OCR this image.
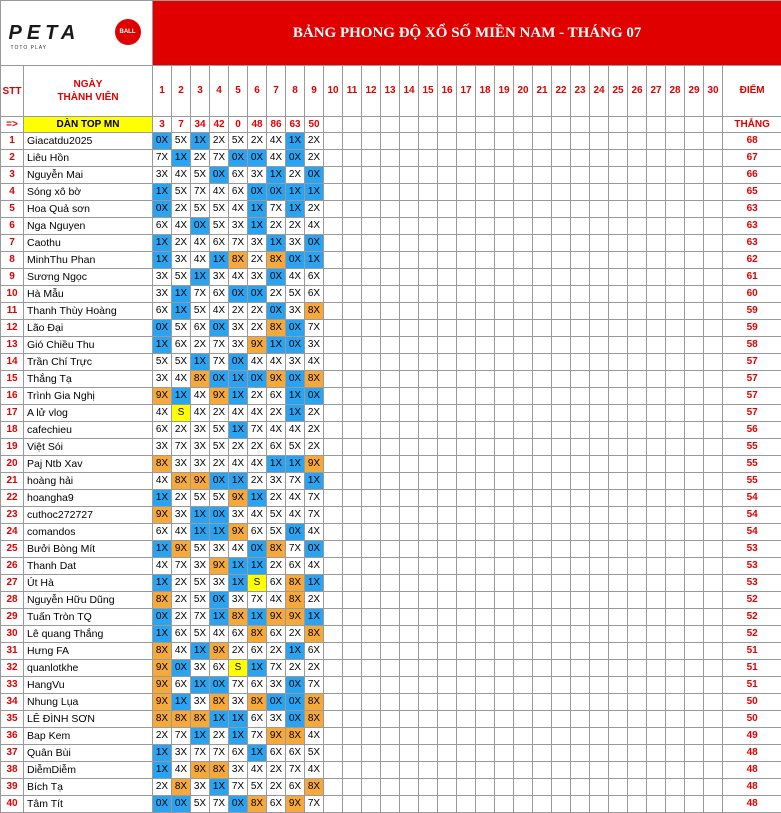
PETA BALL
TOTO PLAY		BẢNG PHONG ĐỘ XỔ SỐ MIỀN NAM - THÁNG 07																														
STT	NGÀY
THÀNH VIÊN	1	2	3	4	5	6	7	8	9	10	11	12	13	14	15	16	17	18	19	20	21	22	23	24	25	26	27	28	29	30	ĐIỂM
=>	DÀN TOP MN	3	7	34	42	0	48	86	63	50																						THẮNG
1	Giacatdu2025	0X	5X	1X	2X	5X	2X	4X	1X	2X																						68
2	Liêu Hồn	7X	1X	2X	7X	0X	0X	4X	0X	2X																						67
3	Nguyễn Mai	3X	4X	5X	0X	6X	3X	1X	2X	0X																						66
4	Sóng xô bờ	1X	5X	7X	4X	6X	0X	0X	1X	1X																						65
5	Hoa Quả sơn	0X	2X	5X	5X	4X	1X	7X	1X	2X																						63
6	Nga Nguyen	6X	4X	0X	5X	3X	1X	2X	2X	4X																						63
7	Caothu	1X	2X	4X	6X	7X	3X	1X	3X	0X																						63
8	MinhThu Phan	1X	3X	4X	1X	8X	2X	8X	0X	1X																						62
9	Sương Ngọc	3X	5X	1X	3X	4X	3X	0X	4X	6X																						61
10	Hà Mẫu	3X	1X	7X	6X	0X	0X	2X	5X	6X																						60
11	Thanh Thùy Hoàng	6X	1X	5X	4X	2X	2X	0X	3X	8X																						59
12	Lão Đại	0X	5X	6X	0X	3X	2X	8X	0X	7X																						59
13	Gió Chiều Thu	1X	6X	2X	7X	3X	9X	1X	0X	3X																						58
14	Trần Chí Trực	5X	5X	1X	7X	0X	4X	4X	3X	4X																						57
15	Thắng Tạ	3X	4X	8X	0X	1X	0X	9X	0X	8X																						57
16	Trình Gia Nghị	9X	1X	4X	9X	1X	2X	6X	1X	0X																						57
17	A lử vlog	4X	S	4X	2X	4X	4X	2X	1X	2X																						57
18	cafechieu	6X	2X	3X	5X	1X	7X	4X	4X	2X																						56
19	Việt Sói	3X	7X	3X	5X	2X	2X	6X	5X	2X																						55
20	Paj Ntb Xav	8X	3X	3X	2X	4X	4X	1X	1X	9X																						55
21	hoàng hải	4X	8X	9X	0X	1X	2X	3X	7X	1X																						55
22	hoangha9	1X	2X	5X	5X	9X	1X	2X	4X	7X																						54
23	cuthoc272727	9X	3X	1X	0X	3X	4X	5X	4X	7X																						54
24	comandos	6X	4X	1X	1X	9X	6X	5X	0X	4X																						54
25	Bưởi Bòng Mít	1X	9X	5X	3X	4X	0X	8X	7X	0X																						53
26	Thanh Dat	4X	7X	3X	9X	1X	1X	2X	6X	4X																						53
27	Út Hà	1X	2X	5X	3X	1X	S	6X	8X	1X																						53
28	Nguyễn Hữu Dũng	8X	2X	5X	0X	3X	7X	4X	8X	2X																						52
29	Tuấn Tròn TQ	0X	2X	7X	1X	8X	1X	9X	9X	1X																						52
30	Lê quang Thắng	1X	6X	5X	4X	6X	8X	6X	2X	8X																						52
31	Hưng FA	8X	4X	1X	9X	2X	6X	2X	1X	6X																						51
32	quanlotkhe	9X	0X	3X	6X	S	1X	7X	2X	2X																						51
33	HangVu	9X	6X	1X	0X	7X	6X	3X	0X	7X																						51
34	Nhung Lụa	9X	1X	3X	8X	3X	8X	0X	0X	8X																						50
35	LÊ ĐÌNH SƠN	8X	8X	8X	1X	1X	6X	3X	0X	8X																						50
36	Bap Kem	2X	7X	1X	2X	1X	7X	9X	8X	4X																						49
37	Quân Bùi	1X	3X	7X	7X	6X	1X	6X	6X	5X																						48
38	DiễmDiễm	1X	4X	9X	8X	3X	4X	2X	7X	4X																						48
39	Bích Tạ	2X	8X	3X	1X	7X	5X	2X	6X	8X																						48
40	Tâm Tít	0X	0X	5X	7X	0X	8X	6X	9X	7X																						48
